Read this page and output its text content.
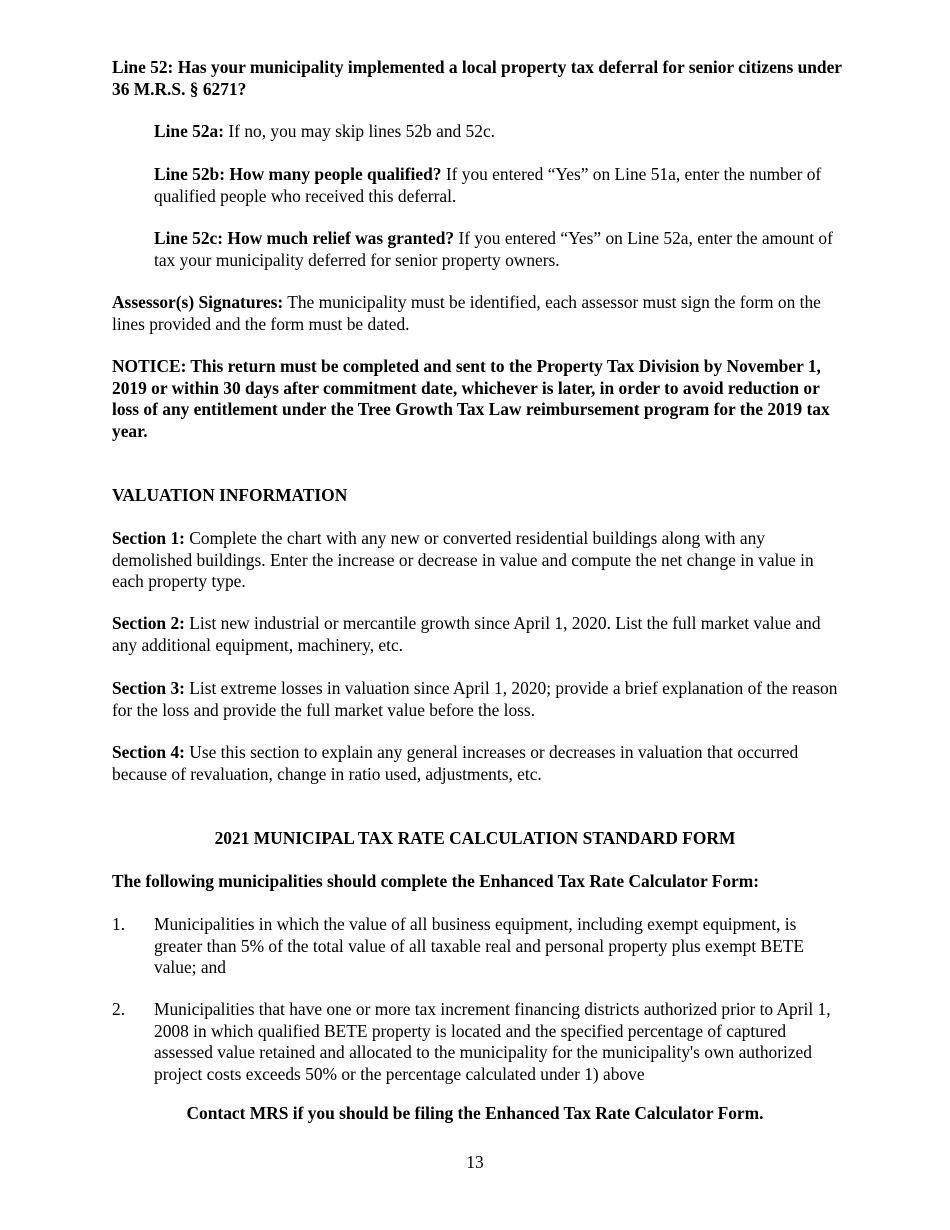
Line 52: Has your municipality implemented a local property tax deferral for senior citizens under 36 M.R.S. § 6271?

Line 52a: If no, you may skip lines 52b and 52c.

Line 52b: How many people qualified? If you entered “Yes” on Line 51a, enter the number of qualified people who received this deferral.

Line 52c: How much relief was granted? If you entered “Yes” on Line 52a, enter the amount of tax your municipality deferred for senior property owners.

Assessor(s) Signatures: The municipality must be identified, each assessor must sign the form on the lines provided and the form must be dated.

NOTICE: This return must be completed and sent to the Property Tax Division by November 1, 2019 or within 30 days after commitment date, whichever is later, in order to avoid reduction or loss of any entitlement under the Tree Growth Tax Law reimbursement program for the 2019 tax year.

VALUATION INFORMATION

Section 1: Complete the chart with any new or converted residential buildings along with any demolished buildings. Enter the increase or decrease in value and compute the net change in value in each property type.

Section 2: List new industrial or mercantile growth since April 1, 2020. List the full market value and any additional equipment, machinery, etc.

Section 3: List extreme losses in valuation since April 1, 2020; provide a brief explanation of the reason for the loss and provide the full market value before the loss.

Section 4: Use this section to explain any general increases or decreases in valuation that occurred because of revaluation, change in ratio used, adjustments, etc.

2021 MUNICIPAL TAX RATE CALCULATION STANDARD FORM

The following municipalities should complete the Enhanced Tax Rate Calculator Form:

1.	Municipalities in which the value of all business equipment, including exempt equipment, is greater than 5% of the total value of all taxable real and personal property plus exempt BETE value; and
2.	Municipalities that have one or more tax increment financing districts authorized prior to April 1, 2008 in which qualified BETE property is located and the specified percentage of captured assessed value retained and allocated to the municipality for the municipality's own authorized project costs exceeds 50% or the percentage calculated under 1) above

Contact MRS if you should be filing the Enhanced Tax Rate Calculator Form.

13
